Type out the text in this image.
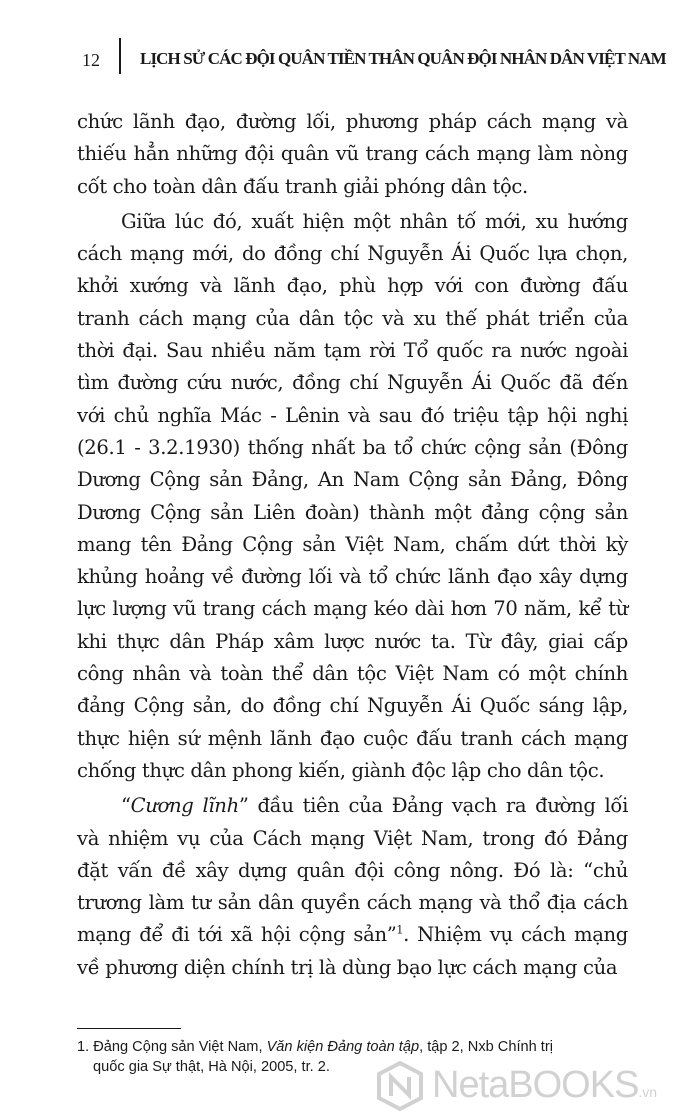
12 LỊCH SỬ CÁC ĐỘI QUÂN TIỀN THÂN QUÂN ĐỘI NHÂN DÂN VIỆT NAM

chức lãnh đạo, đường lối, phương pháp cách mạng và thiếu hẳn những đội quân vũ trang cách mạng làm nòng cốt cho toàn dân đấu tranh giải phóng dân tộc.

Giữa lúc đó, xuất hiện một nhân tố mới, xu hướng cách mạng mới, do đồng chí Nguyễn Ái Quốc lựa chọn, khởi xướng và lãnh đạo, phù hợp với con đường đấu tranh cách mạng của dân tộc và xu thế phát triển của thời đại. Sau nhiều năm tạm rời Tổ quốc ra nước ngoài tìm đường cứu nước, đồng chí Nguyễn Ái Quốc đã đến với chủ nghĩa Mác - Lênin và sau đó triệu tập hội nghị (26.1 - 3.2.1930) thống nhất ba tổ chức cộng sản (Đông Dương Cộng sản Đảng, An Nam Cộng sản Đảng, Đông Dương Cộng sản Liên đoàn) thành một đảng cộng sản mang tên Đảng Cộng sản Việt Nam, chấm dứt thời kỳ khủng hoảng về đường lối và tổ chức lãnh đạo xây dựng lực lượng vũ trang cách mạng kéo dài hơn 70 năm, kể từ khi thực dân Pháp xâm lược nước ta. Từ đây, giai cấp công nhân và toàn thể dân tộc Việt Nam có một chính đảng Cộng sản, do đồng chí Nguyễn Ái Quốc sáng lập, thực hiện sứ mệnh lãnh đạo cuộc đấu tranh cách mạng chống thực dân phong kiến, giành độc lập cho dân tộc.

“Cương lĩnh” đầu tiên của Đảng vạch ra đường lối và nhiệm vụ của Cách mạng Việt Nam, trong đó Đảng đặt vấn đề xây dựng quân đội công nông. Đó là: “chủ trương làm tư sản dân quyền cách mạng và thổ địa cách mạng để đi tới xã hội cộng sản”$^1$. Nhiệm vụ cách mạng về phương diện chính trị là dùng bạo lực cách mạng của

1. Đảng Cộng sản Việt Nam, Văn kiện Đảng toàn tập, tập 2, Nxb Chính trị
quốc gia Sự thật, Hà Nội, 2005, tr. 2.	NetaBOOKS.vn
